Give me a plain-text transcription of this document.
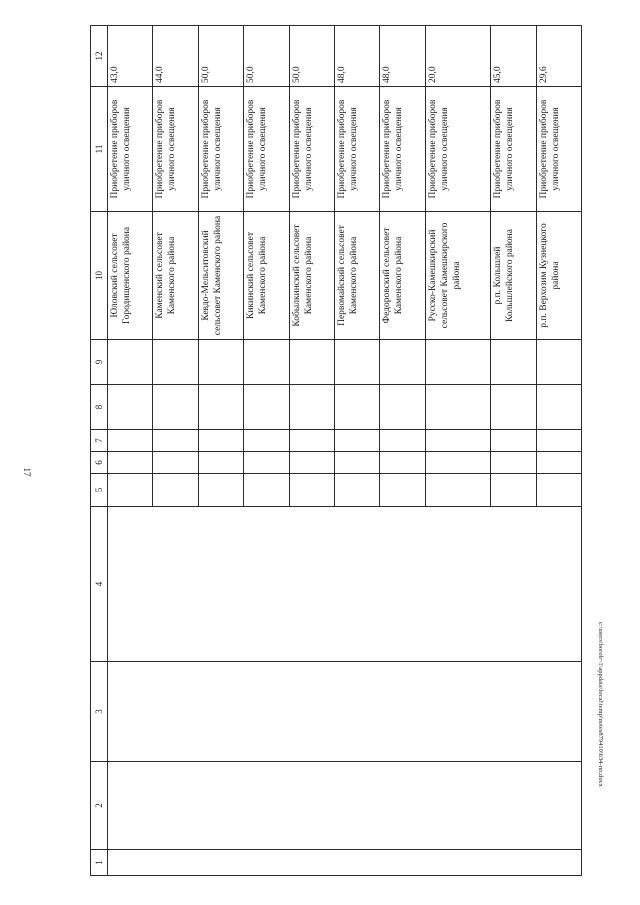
17
1	2	3	4	5	6	7	8	9	10	11	12
									Юловский сельсовет Городищенского района	Приобретение приборов уличного освещения	43,0
									Каменский сельсовет Каменского района	Приобретение приборов уличного освещения	44,0
									Кевдо-Мельситовский сельсовет Каменского района	Приобретение приборов уличного освещения	50,0
									Кикинский сельсовет Каменского района	Приобретение приборов уличного освещения	50,0
									Кобылкинский сельсовет Каменского района	Приобретение приборов уличного освещения	50,0
									Первомайский сельсовет Каменского района	Приобретение приборов уличного освещения	48,0
									Федоровский сельсовет Каменского района	Приобретение приборов уличного освещения	48,0
									Русско-Камешкирский сельсовет Камешкирского района	Приобретение приборов уличного освещения	20,0
									р.п. Кольшлей Кольшлейского района	Приобретение приборов уличного освещения	45,0
									р.п. Верхозим Кузнецкого района	Приобретение приборов уличного освещения	29,6
c:\users\boroh~1\appdata\local\temp\notes879410\634-пп.docx
